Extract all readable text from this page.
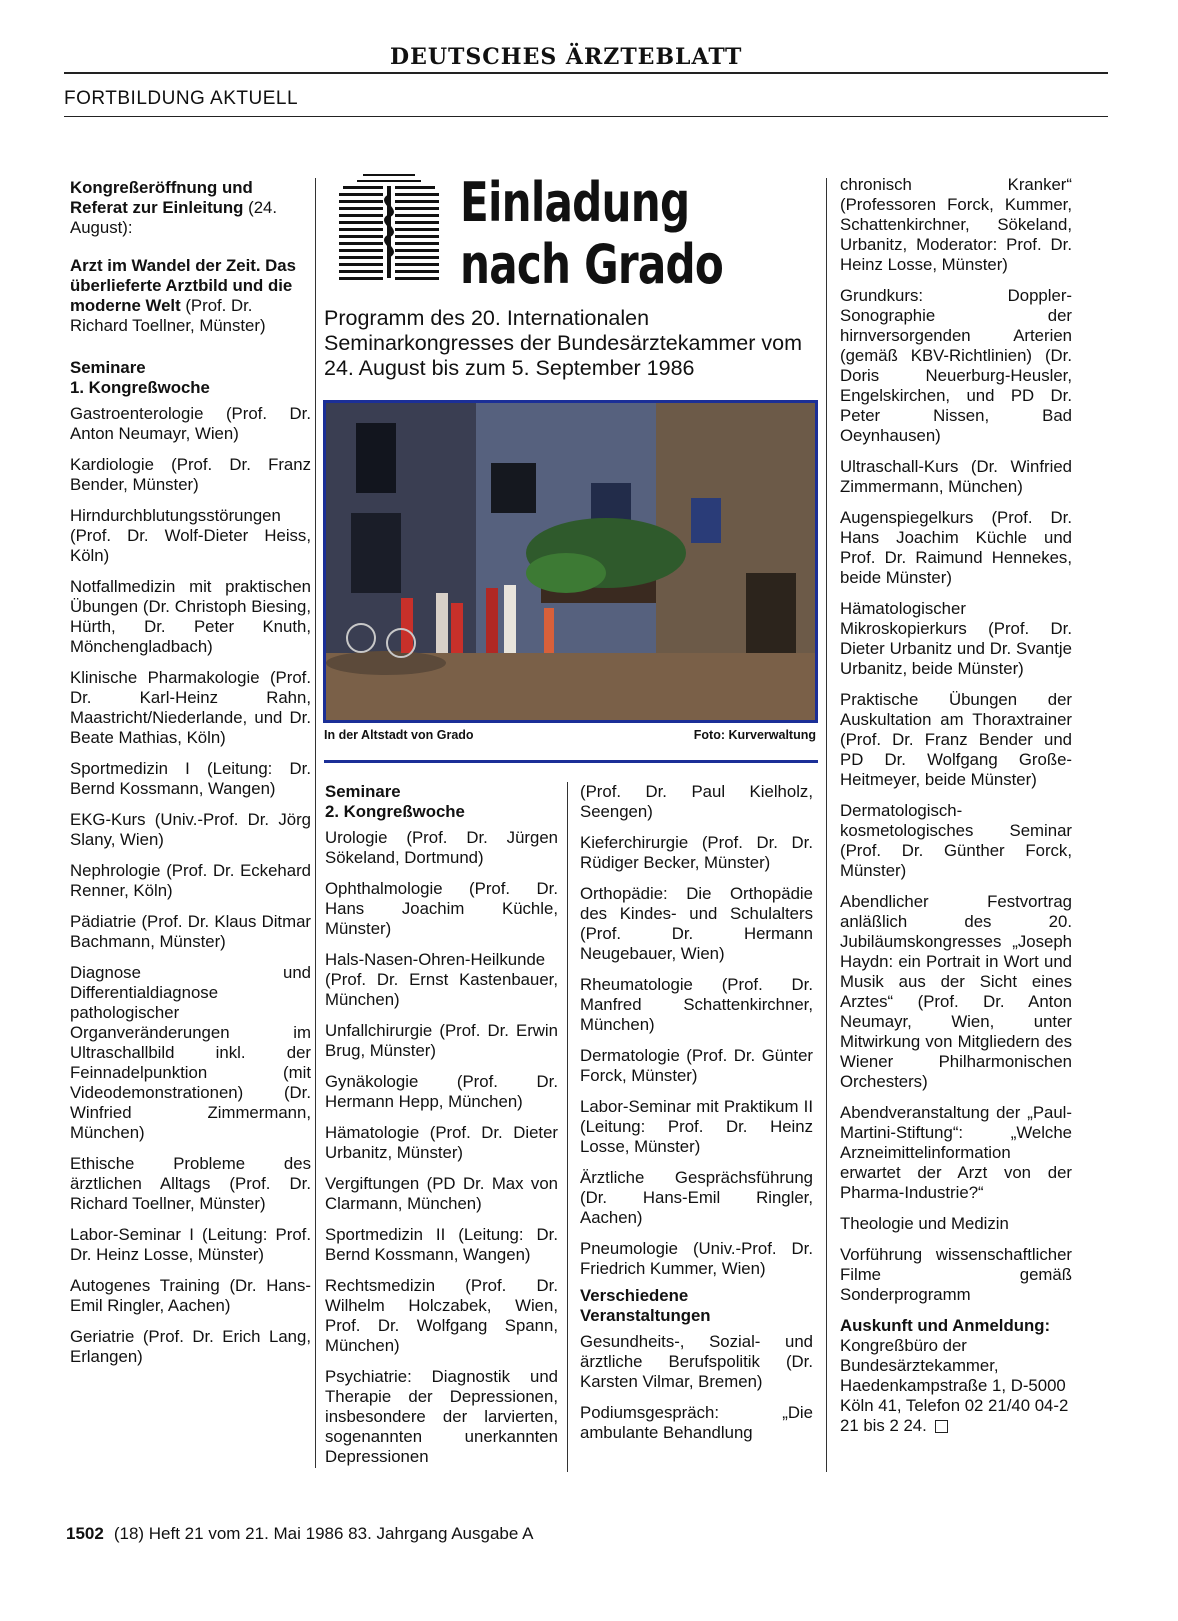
DEUTSCHES ÄRZTEBLATT
FORTBILDUNG AKTUELL

Kongreßeröffnung und Referat zur Einleitung (24. August):

Arzt im Wandel der Zeit. Das überlieferte Arztbild und die moderne Welt (Prof. Dr. Richard Toellner, Münster)

Seminare
1. Kongreßwoche

Gastroenterologie (Prof. Dr. Anton Neumayr, Wien)

Kardiologie (Prof. Dr. Franz Bender, Münster)

Hirndurchblutungsstörungen (Prof. Dr. Wolf-Dieter Heiss, Köln)

Notfallmedizin mit praktischen Übungen (Dr. Christoph Biesing, Hürth, Dr. Peter Knuth, Mönchengladbach)

Klinische Pharmakologie (Prof. Dr. Karl-Heinz Rahn, Maastricht/Niederlande, und Dr. Beate Mathias, Köln)

Sportmedizin I (Leitung: Dr. Bernd Kossmann, Wangen)

EKG-Kurs (Univ.-Prof. Dr. Jörg Slany, Wien)

Nephrologie (Prof. Dr. Eckehard Renner, Köln)

Pädiatrie (Prof. Dr. Klaus Ditmar Bachmann, Münster)

Diagnose und Differentialdiagnose pathologischer Organveränderungen im Ultraschallbild inkl. der Feinnadelpunktion (mit Videodemonstrationen) (Dr. Winfried Zimmermann, München)

Ethische Probleme des ärztlichen Alltags (Prof. Dr. Richard Toellner, Münster)

Labor-Seminar I (Leitung: Prof. Dr. Heinz Losse, Münster)

Autogenes Training (Dr. Hans-Emil Ringler, Aachen)

Geriatrie (Prof. Dr. Erich Lang, Erlangen)

Einladung
nach Grado
Programm des 20. Internationalen Seminarkongresses der Bundesärztekammer vom 24. August bis zum 5. September 1986
In der Altstadt von Grado	Foto: Kurverwaltung

Seminare
2. Kongreßwoche

Urologie (Prof. Dr. Jürgen Sökeland, Dortmund)

Ophthalmologie (Prof. Dr. Hans Joachim Küchle, Münster)

Hals-Nasen-Ohren-Heilkunde (Prof. Dr. Ernst Kastenbauer, München)

Unfallchirurgie (Prof. Dr. Erwin Brug, Münster)

Gynäkologie (Prof. Dr. Hermann Hepp, München)

Hämatologie (Prof. Dr. Dieter Urbanitz, Münster)

Vergiftungen (PD Dr. Max von Clarmann, München)

Sportmedizin II (Leitung: Dr. Bernd Kossmann, Wangen)

Rechtsmedizin (Prof. Dr. Wilhelm Holczabek, Wien, Prof. Dr. Wolfgang Spann, München)

Psychiatrie: Diagnostik und Therapie der Depressionen, insbesondere der larvierten, sogenannten unerkannten Depressionen

(Prof. Dr. Paul Kielholz, Seengen)

Kieferchirurgie (Prof. Dr. Dr. Rüdiger Becker, Münster)

Orthopädie: Die Orthopädie des Kindes- und Schulalters (Prof. Dr. Hermann Neugebauer, Wien)

Rheumatologie (Prof. Dr. Manfred Schattenkirchner, München)

Dermatologie (Prof. Dr. Günter Forck, Münster)

Labor-Seminar mit Praktikum II (Leitung: Prof. Dr. Heinz Losse, Münster)

Ärztliche Gesprächsführung (Dr. Hans-Emil Ringler, Aachen)

Pneumologie (Univ.-Prof. Dr. Friedrich Kummer, Wien)

Verschiedene
Veranstaltungen

Gesundheits-, Sozial- und ärztliche Berufspolitik (Dr. Karsten Vilmar, Bremen)

Podiumsgespräch: „Die ambulante Behandlung

chronisch Kranker“ (Professoren Forck, Kummer, Schattenkirchner, Sökeland, Urbanitz, Moderator: Prof. Dr. Heinz Losse, Münster)

Grundkurs: Doppler-Sonographie der hirnversorgenden Arterien (gemäß KBV-Richtlinien) (Dr. Doris Neuerburg-Heusler, Engelskirchen, und PD Dr. Peter Nissen, Bad Oeynhausen)

Ultraschall-Kurs (Dr. Winfried Zimmermann, München)

Augenspiegelkurs (Prof. Dr. Hans Joachim Küchle und Prof. Dr. Raimund Hennekes, beide Münster)

Hämatologischer Mikroskopierkurs (Prof. Dr. Dieter Urbanitz und Dr. Svantje Urbanitz, beide Münster)

Praktische Übungen der Auskultation am Thoraxtrainer (Prof. Dr. Franz Bender und PD Dr. Wolfgang Große-Heitmeyer, beide Münster)

Dermatologisch-kosmetologisches Seminar (Prof. Dr. Günther Forck, Münster)

Abendlicher Festvortrag anläßlich des 20. Jubiläumskongresses „Joseph Haydn: ein Portrait in Wort und Musik aus der Sicht eines Arztes“ (Prof. Dr. Anton Neumayr, Wien, unter Mitwirkung von Mitgliedern des Wiener Philharmonischen Orchesters)

Abendveranstaltung der „Paul-Martini-Stiftung“: „Welche Arzneimittelinformation erwartet der Arzt von der Pharma-Industrie?“

Theologie und Medizin

Vorführung wissenschaftlicher Filme gemäß Sonderprogramm

Auskunft und Anmeldung: Kongreßbüro der Bundesärztekammer, Haedenkampstraße 1, D-5000 Köln 41, Telefon 02 21/40 04-2 21 bis 2 24.

1502 (18) Heft 21 vom 21. Mai 1986 83. Jahrgang Ausgabe A
